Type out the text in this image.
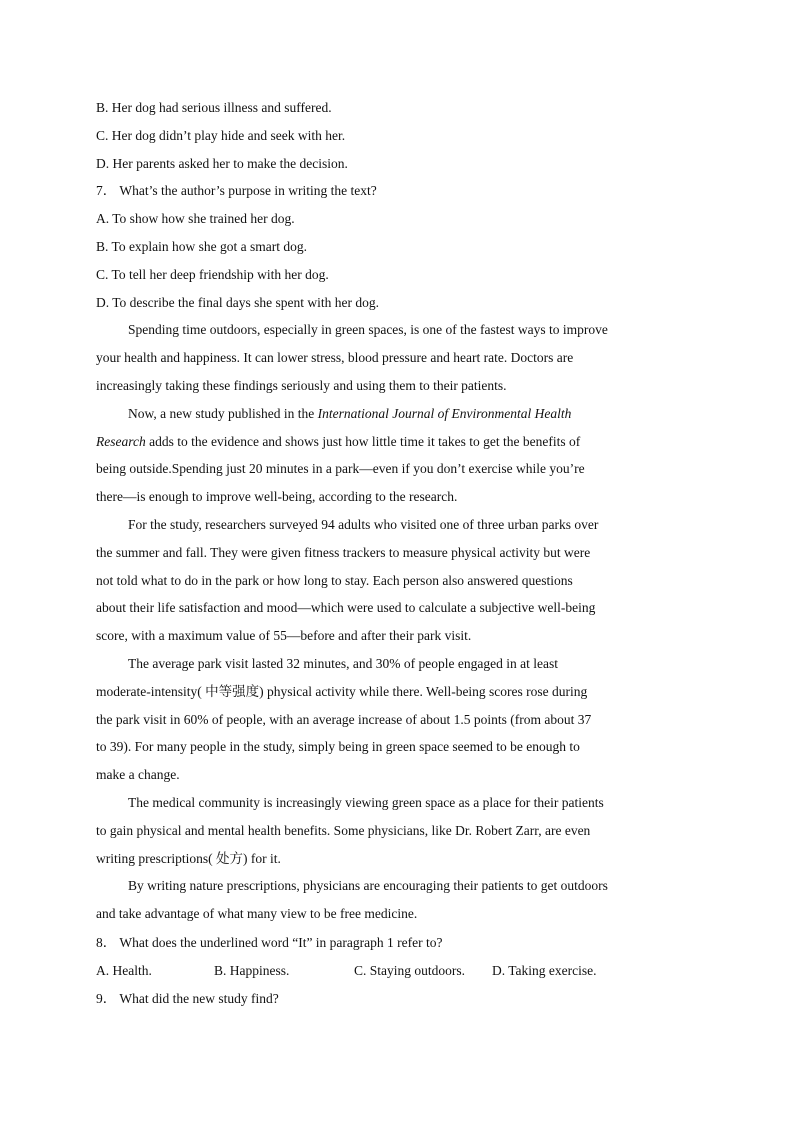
B. Her dog had serious illness and suffered.
C. Her dog didn’t play hide and seek with her.
D. Her parents asked her to make the decision.
7． What’s the author’s purpose in writing the text?
A. To show how she trained her dog.
B. To explain how she got a smart dog.
C. To tell her deep friendship with her dog.
D. To describe the final days she spent with her dog.
Spending time outdoors, especially in green spaces, is one of the fastest ways to improve
your health and happiness. It can lower stress, blood pressure and heart rate. Doctors are
increasingly taking these findings seriously and using them to their patients.
Now, a new study published in the International Journal of Environmental Health
Research adds to the evidence and shows just how little time it takes to get the benefits of
being outside.Spending just 20 minutes in a park—even if you don’t exercise while you’re
there—is enough to improve well-being, according to the research.
For the study, researchers surveyed 94 adults who visited one of three urban parks over
the summer and fall. They were given fitness trackers to measure physical activity but were
not told what to do in the park or how long to stay. Each person also answered questions
about their life satisfaction and mood—which were used to calculate a subjective well-being
score, with a maximum value of 55—before and after their park visit.
The average park visit lasted 32 minutes, and 30% of people engaged in at least
moderate-intensity( 中等强度) physical activity while there. Well-being scores rose during
the park visit in 60% of people, with an average increase of about 1.5 points (from about 37
to 39). For many people in the study, simply being in green space seemed to be enough to
make a change.
The medical community is increasingly viewing green space as a place for their patients
to gain physical and mental health benefits. Some physicians, like Dr. Robert Zarr, are even
writing prescriptions( 处方) for it.
By writing nature prescriptions, physicians are encouraging their patients to get outdoors
and take advantage of what many view to be free medicine.
8． What does the underlined word “It” in paragraph 1 refer to?
A. Health.	B. Happiness.	C. Staying outdoors.	D. Taking exercise.
9． What did the new study find?
